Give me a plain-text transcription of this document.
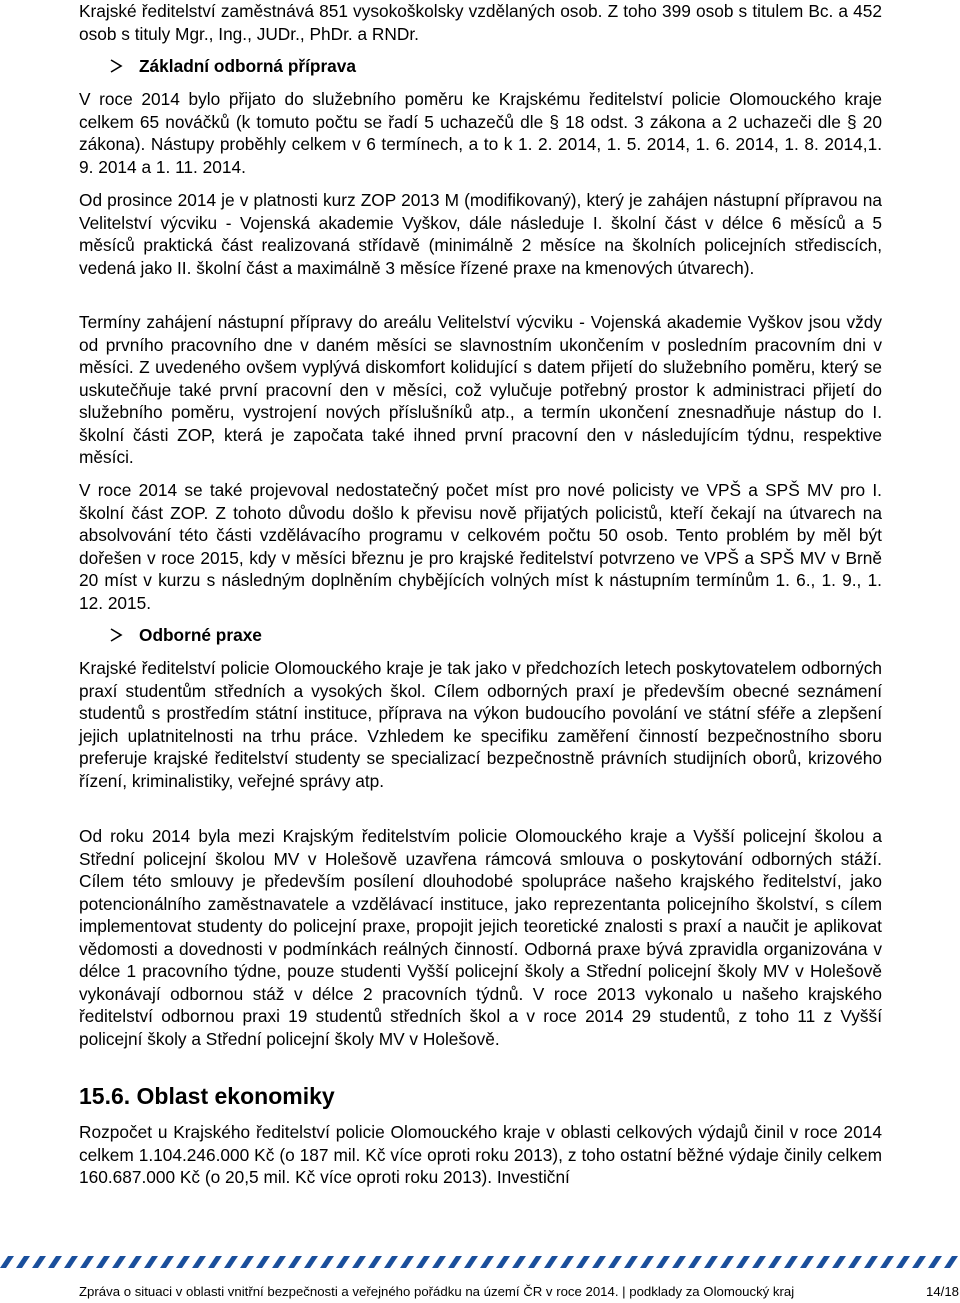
Krajské ředitelství zaměstnává 851 vysokoškolsky vzdělaných osob. Z toho 399 osob s titulem Bc. a 452 osob s tituly Mgr., Ing., JUDr., PhDr. a RNDr.

Základní odborná příprava

V roce 2014 bylo přijato do služebního poměru ke Krajskému ředitelství policie Olomouckého kraje celkem 65 nováčků (k tomuto počtu se řadí 5 uchazečů dle § 18 odst. 3 zákona a 2 uchazeči dle § 20 zákona). Nástupy proběhly celkem v 6 termínech, a to k 1. 2. 2014, 1. 5. 2014, 1. 6. 2014, 1. 8. 2014,1. 9. 2014 a 1. 11. 2014.

Od prosince 2014 je v platnosti kurz ZOP 2013 M (modifikovaný), který je zahájen nástupní přípravou na Velitelství výcviku - Vojenská akademie Vyškov, dále následuje I. školní část v délce 6 měsíců a 5 měsíců praktická část realizovaná střídavě (minimálně 2 měsíce na školních policejních střediscích, vedená jako II. školní část a maximálně 3 měsíce řízené praxe na kmenových útvarech).

Termíny zahájení nástupní přípravy do areálu Velitelství výcviku - Vojenská akademie Vyškov jsou vždy od prvního pracovního dne v daném měsíci se slavnostním ukončením v posledním pracovním dni v měsíci. Z uvedeného ovšem vyplývá diskomfort kolidující s datem přijetí do služebního poměru, který se uskutečňuje také první pracovní den v měsíci, což vylučuje potřebný prostor k administraci přijetí do služebního poměru, vystrojení nových příslušníků atp., a termín ukončení znesnadňuje nástup do I. školní části ZOP, která je započata také ihned první pracovní den v následujícím týdnu, respektive měsíci.

V roce 2014 se také projevoval nedostatečný počet míst pro nové policisty ve VPŠ a SPŠ MV pro I. školní část ZOP. Z tohoto důvodu došlo k převisu nově přijatých policistů, kteří čekají na útvarech na absolvování této části vzdělávacího programu v celkovém počtu 50 osob. Tento problém by měl být dořešen v roce 2015, kdy v měsíci březnu je pro krajské ředitelství potvrzeno ve VPŠ a SPŠ MV v Brně 20 míst v kurzu s následným doplněním chybějících volných míst k nástupním termínům 1. 6., 1. 9., 1. 12. 2015.

Odborné praxe

Krajské ředitelství policie Olomouckého kraje je tak jako v předchozích letech poskytovatelem odborných praxí studentům středních a vysokých škol. Cílem odborných praxí je především obecné seznámení studentů s prostředím státní instituce, příprava na výkon budoucího povolání ve státní sféře a zlepšení jejich uplatnitelnosti na trhu práce. Vzhledem ke specifiku zaměření činností bezpečnostního sboru preferuje krajské ředitelství studenty se specializací bezpečnostně právních studijních oborů, krizového řízení, kriminalistiky, veřejné správy atp.

Od roku 2014 byla mezi Krajským ředitelstvím policie Olomouckého kraje a Vyšší policejní školou a Střední policejní školou MV v Holešově uzavřena rámcová smlouva o poskytování odborných stáží. Cílem této smlouvy je především posílení dlouhodobé spolupráce našeho krajského ředitelství, jako potencionálního zaměstnavatele a vzdělávací instituce, jako reprezentanta policejního školství, s cílem implementovat studenty do policejní praxe, propojit jejich teoretické znalosti s praxí a naučit je aplikovat vědomosti a dovednosti v podmínkách reálných činností. Odborná praxe bývá zpravidla organizována v délce 1 pracovního týdne, pouze studenti Vyšší policejní školy a Střední policejní školy MV v Holešově vykonávají odbornou stáž v délce 2 pracovních týdnů. V roce 2013 vykonalo u našeho krajského ředitelství odbornou praxi 19 studentů středních škol a v roce 2014 29 studentů, z toho 11 z Vyšší policejní školy a Střední policejní školy MV v Holešově.

15.6. Oblast ekonomiky

Rozpočet u Krajského ředitelství policie Olomouckého kraje v oblasti celkových výdajů činil v roce 2014 celkem 1.104.246.000 Kč (o 187 mil. Kč více oproti roku 2013), z toho ostatní běžné výdaje činily celkem 160.687.000 Kč (o 20,5 mil. Kč více oproti roku 2013). Investiční

Zpráva o situaci v oblasti vnitřní bezpečnosti a veřejného pořádku na území ČR v roce 2014. | podklady za Olomoucký kraj	14/18
